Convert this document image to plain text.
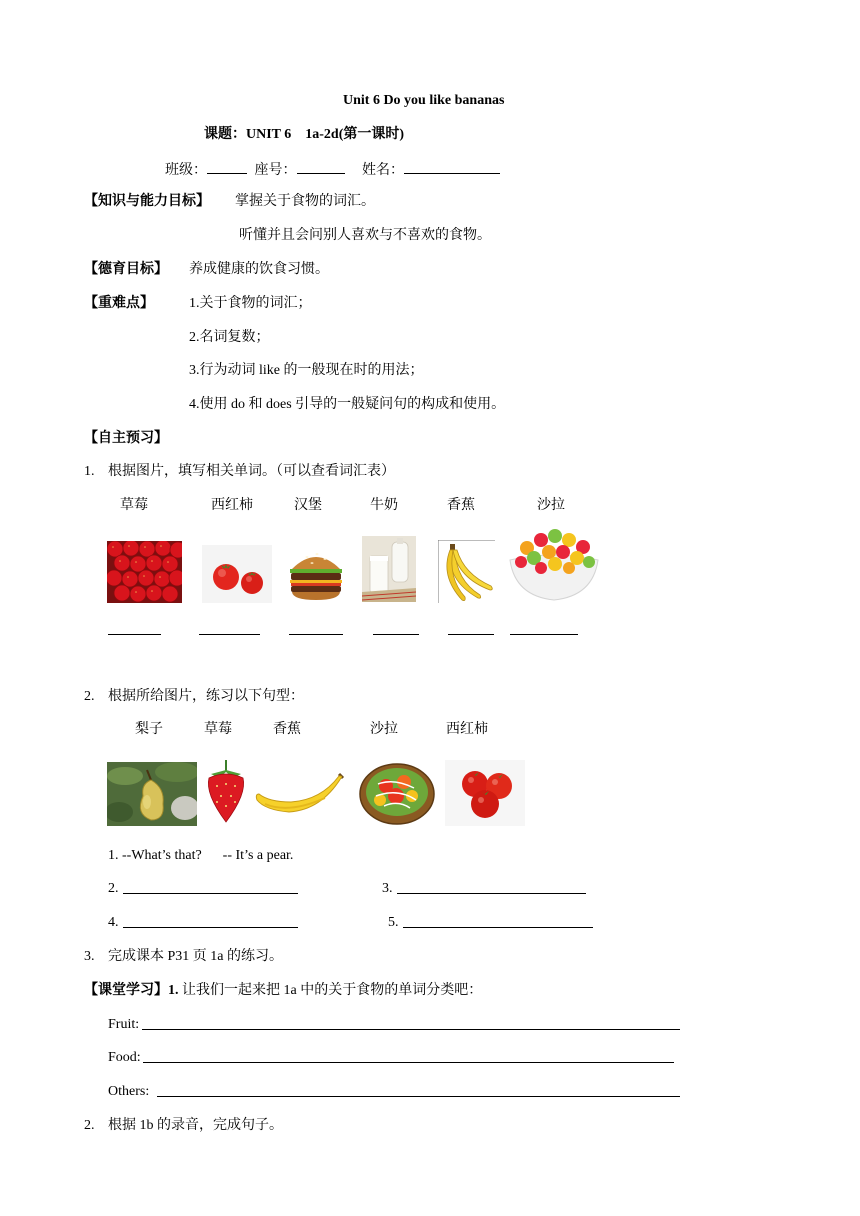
Unit 6 Do you like bananas
课题：UNIT 6    1a-2d(第一课时)
班级：	座号：	姓名：
【知识与能力目标】 掌握关于食物的词汇。
听懂并且会问别人喜欢与不喜欢的食物。
【德育目标】 养成健康的饮食习惯。
【重难点】	1.关于食物的词汇；
2.名词复数；
3.行为动词 like 的一般现在时的用法；
4.使用 do 和 does 引导的一般疑问句的构成和使用。
【自主预习】
1. 根据图片，填写相关单词。（可以查看词汇表）
草莓	西红柿	汉堡	牛奶	香蕉	沙拉
2. 根据所给图片，练习以下句型：
梨子	草莓	香蕉	沙拉	西红柿
1. --What’s that?      -- It’s a pear.
2.	3.
4.	5.
3. 完成课本 P31 页 1a 的练习。
【课堂学习】1. 让我们一起来把 1a 中的关于食物的单词分类吧：
Fruit:
Food:
Others:
2. 根据 1b 的录音，完成句子。
